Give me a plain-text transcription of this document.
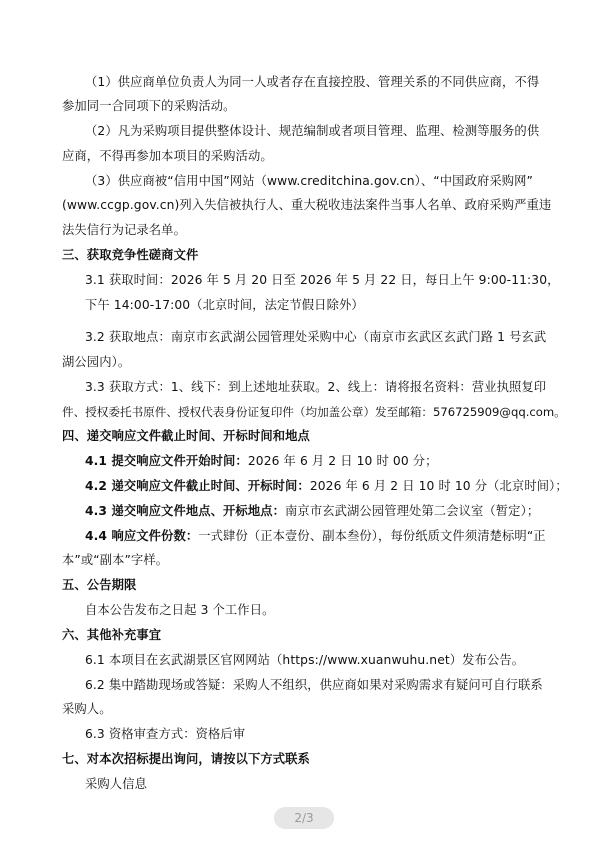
（1）供应商单位负责人为同一人或者存在直接控股、管理关系的不同供应商，不得
参加同一合同项下的采购活动。
（2）凡为采购项目提供整体设计、规范编制或者项目管理、监理、检测等服务的供
应商，不得再参加本项目的采购活动。
（3）供应商被“信用中国”网站（www.creditchina.gov.cn）、“中国政府采购网”
(www.ccgp.gov.cn)列入失信被执行人、重大税收违法案件当事人名单、政府采购严重违
法失信行为记录名单。
三、获取竞争性磋商文件
3.1 获取时间：2026 年 5 月 20 日至 2026 年 5 月 22 日，每日上午 9:00-11:30，
下午 14:00-17:00（北京时间，法定节假日除外）
3.2 获取地点：南京市玄武湖公园管理处采购中心（南京市玄武区玄武门路 1 号玄武
湖公园内）。
3.3 获取方式：1、线下：到上述地址获取。2、线上：请将报名资料：营业执照复印
件、授权委托书原件、授权代表身份证复印件（均加盖公章）发至邮箱：576725909@qq.com。
四、递交响应文件截止时间、开标时间和地点
4.1 提交响应文件开始时间：2026 年 6 月 2 日 10 时 00 分；
4.2 递交响应文件截止时间、开标时间：2026 年 6 月 2 日 10 时 10 分（北京时间）；
4.3 递交响应文件地点、开标地点：南京市玄武湖公园管理处第二会议室（暂定）；
4.4 响应文件份数：一式肆份（正本壹份、副本叁份），每份纸质文件须清楚标明“正
本”或“副本”字样。
五、公告期限
自本公告发布之日起 3 个工作日。
六、其他补充事宜
6.1 本项目在玄武湖景区官网网站（https://www.xuanwuhu.net）发布公告。
6.2 集中踏勘现场或答疑：采购人不组织，供应商如果对采购需求有疑问可自行联系
采购人。
6.3 资格审查方式：资格后审
七、对本次招标提出询问，请按以下方式联系
采购人信息
2/3
